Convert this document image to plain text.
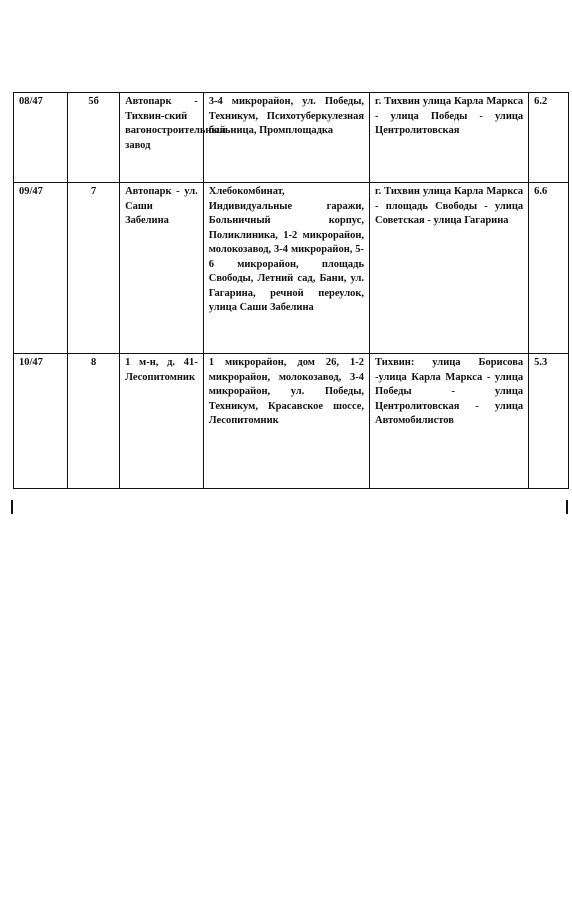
08/47	5б	Автопарк - Тихвин-ский вагоностроительный завод	3-4 микрорайон, ул. Победы, Техникум, Психотуберкулезная больница, Промплощадка	г. Тихвин улица Карла Маркса - улица Победы - улица Центролитовская	6.2
09/47	7	Автопарк - ул. Саши Забелина	Хлебокомбинат, Индивидуальные гаражи, Больничный корпус, Поликлиника, 1-2 микрорайон, молокозавод, 3-4 микрорайон, 5-6 микрорайон, площадь Свободы, Летний сад, Бани, ул. Гагарина, речной переулок, улица Саши Забелина	г. Тихвин улица Карла Маркса - площадь Свободы - улица Советская - улица Гагарина	6.6
10/47	8	1 м-н, д. 41- Лесопитомник	1 микрорайон, дом 26, 1-2 микрорайон, молокозавод, 3-4 микрорайон, ул. Победы, Техникум, Красавское шоссе, Лесопитомник	Тихвин: улица Борисова -улица Карла Маркса - улица Победы - улица Центролитовская - улица Автомобилистов	5.3
